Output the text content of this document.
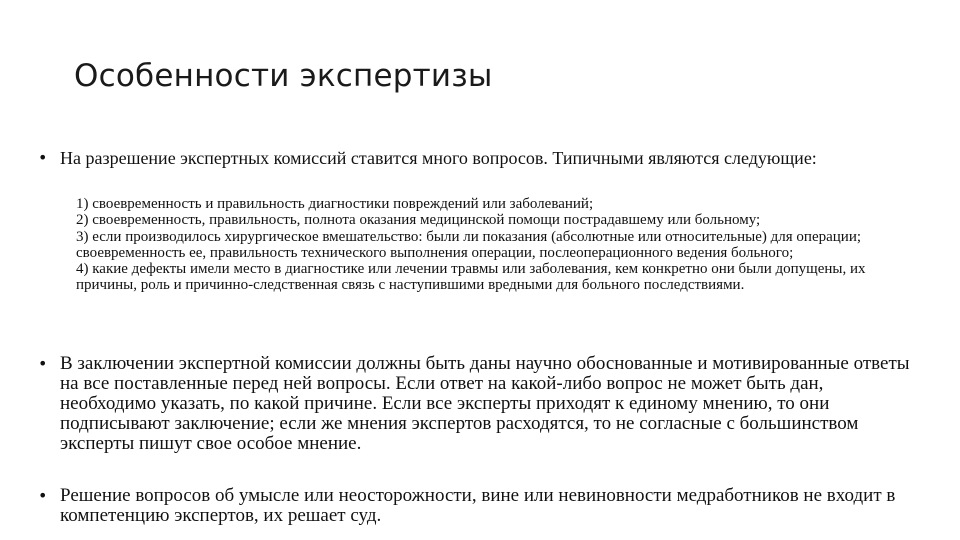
Особенности экспертизы
• На разрешение экспертных комиссий ставится много вопросов. Типичными являются следующие:
1) своевременность и правильность диагностики повреждений или заболеваний;
2) своевременность, правильность, полнота оказания медицинской помощи пострадавшему или больному;
3) если производилось хирургическое вмешательство: были ли показания (абсолютные или относительные) для операции; своевременность ее, правильность технического выполнения операции, послеоперационного ведения больного;
4) какие дефекты имели место в диагностике или лечении травмы или заболевания, кем конкретно они были допущены, их причины, роль и причинно-следственная связь с наступившими вредными для больного последствиями.
• В заключении экспертной комиссии должны быть даны научно обоснованные и мотивированные ответы на все поставленные перед ней вопросы. Если ответ на какой-либо вопрос не может быть дан, необходимо указать, по какой причине. Если все эксперты приходят к единому мнению, то они подписывают заключение; если же мнения экспертов расходятся, то не согласные с большинством эксперты пишут свое особое мнение.
• Решение вопросов об умысле или неосторожности, вине или невиновности медработников не входит в компетенцию экспертов, их решает суд.
